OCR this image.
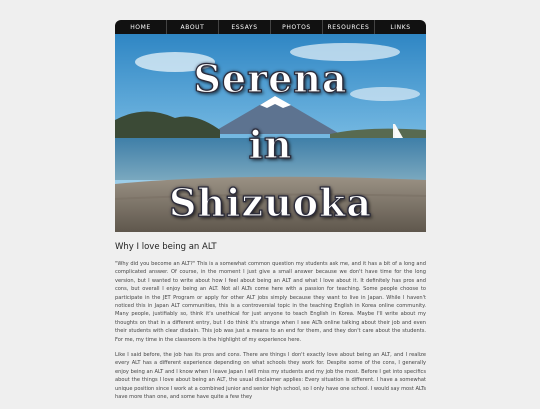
HOME	ABOUT	ESSAYS	PHOTOS	RESOURCES	LINKS
Serena
in
Shizuoka
Why I love being an ALT

"Why did you become an ALT?" This is a somewhat common question my students ask me, and it has a bit of a long and complicated answer. Of course, in the moment I just give a small answer because we don't have time for the long version, but I wanted to write about how I feel about being an ALT and what I love about it. It definitely has pros and cons, but overall I enjoy being an ALT. Not all ALTs come here with a passion for teaching. Some people choose to participate in the JET Program or apply for other ALT jobs simply because they want to live in Japan. While I haven't noticed this in Japan ALT communities, this is a controversial topic in the teaching English in Korea online community. Many people, justifiably so, think it's unethical for just anyone to teach English in Korea. Maybe I'll write about my thoughts on that in a different entry, but I do think it's strange when I see ALTs online talking about their job and even their students with clear disdain. This job was just a means to an end for them, and they don't care about the students. For me, my time in the classroom is the highlight of my experience here.

Like I said before, the job has its pros and cons. There are things I don't exactly love about being an ALT, and I realize every ALT has a different experience depending on what schools they work for. Despite some of the cons, I generally enjoy being an ALT and I know when I leave Japan I will miss my students and my job the most. Before I get into specifics about the things I love about being an ALT, the usual disclaimer applies: Every situation is different. I have a somewhat unique position since I work at a combined junior and senior high school, so I only have one school. I would say most ALTs have more than one, and some have quite a few they
